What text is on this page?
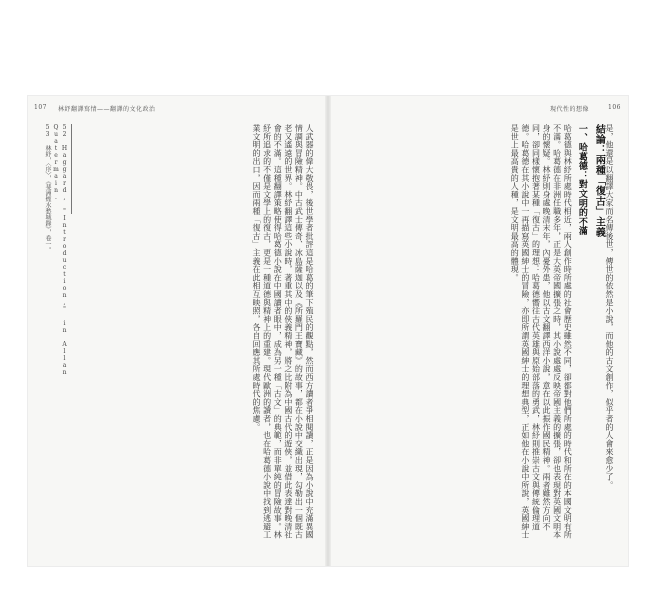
107 林紓翻譯寫情——翻譯的文化政治	現代性的想像	106
是，他還是以翻譯大家而名傳後世，傳世的依然是小說，而他的古文創作，似乎者的人會來愈少了。
結論：兩種「復古」主義
一、哈葛德：對文明的不滿
哈葛德與林紓所處時代相近，兩人創作時所處的社會歷史雖然不同，卻都對他們所處的時代和所在的本國文明有所不滿。哈葛德在非洲任職多年，正是大英帝國擴張之時，其小說處處反映帝國主義的擴張，卻也表現對英國文明本身的懷疑。林紓則身處晚清末年，內憂外患，他以古文翻譯西洋小說，意在以此振作國民精神。兩者雖然方向不同，卻同樣懷抱著某種「復古」的理想：哈葛德嚮往古代英雄與原始部落的勇武，林紓則推崇古文與傳統倫理道德。哈葛德在其小說中一再描寫英國紳士的冒險，亦即所謂英國紳士的理想典型，正如他在小說中所說，英國紳士是世上最高貴的人種，是文明最高的體現。
人武器的偉大敬畏，後世學者批評這是哈葛的筆下殖民的觀點，然而西方讀者爭相閱讀，正是因為小說中充滿異國情調與冒險精神。中古武士傳奇、冰島薩迦以及《所羅門王寶藏》的故事，都在小說中交織出現，勾勒出一個既古老又遙遠的世界。林紓翻譯這些小說時，著重其中的俠義精神，將之比附為中國古代的遊俠，並借此表達對晚清社會的不滿。這種翻譯策略使得哈葛德小說在中國讀者眼中，成為另一種「古文」的典範，而非單純的冒險故事。林紓所追求的不僅是文學上的復古，更是一種道德與精神上的重建。現代歐洲的讀者，也在哈葛德小說中找到逃避工業文明的出口，因而兩種「復古」主義在此相互映照，各自回應其所處時代的焦慮。
52 Haggard, "Introduction," in Allan Quatermain.
53 林紓，〈序〉，《斐洲煙水愁城錄》，卷一。
